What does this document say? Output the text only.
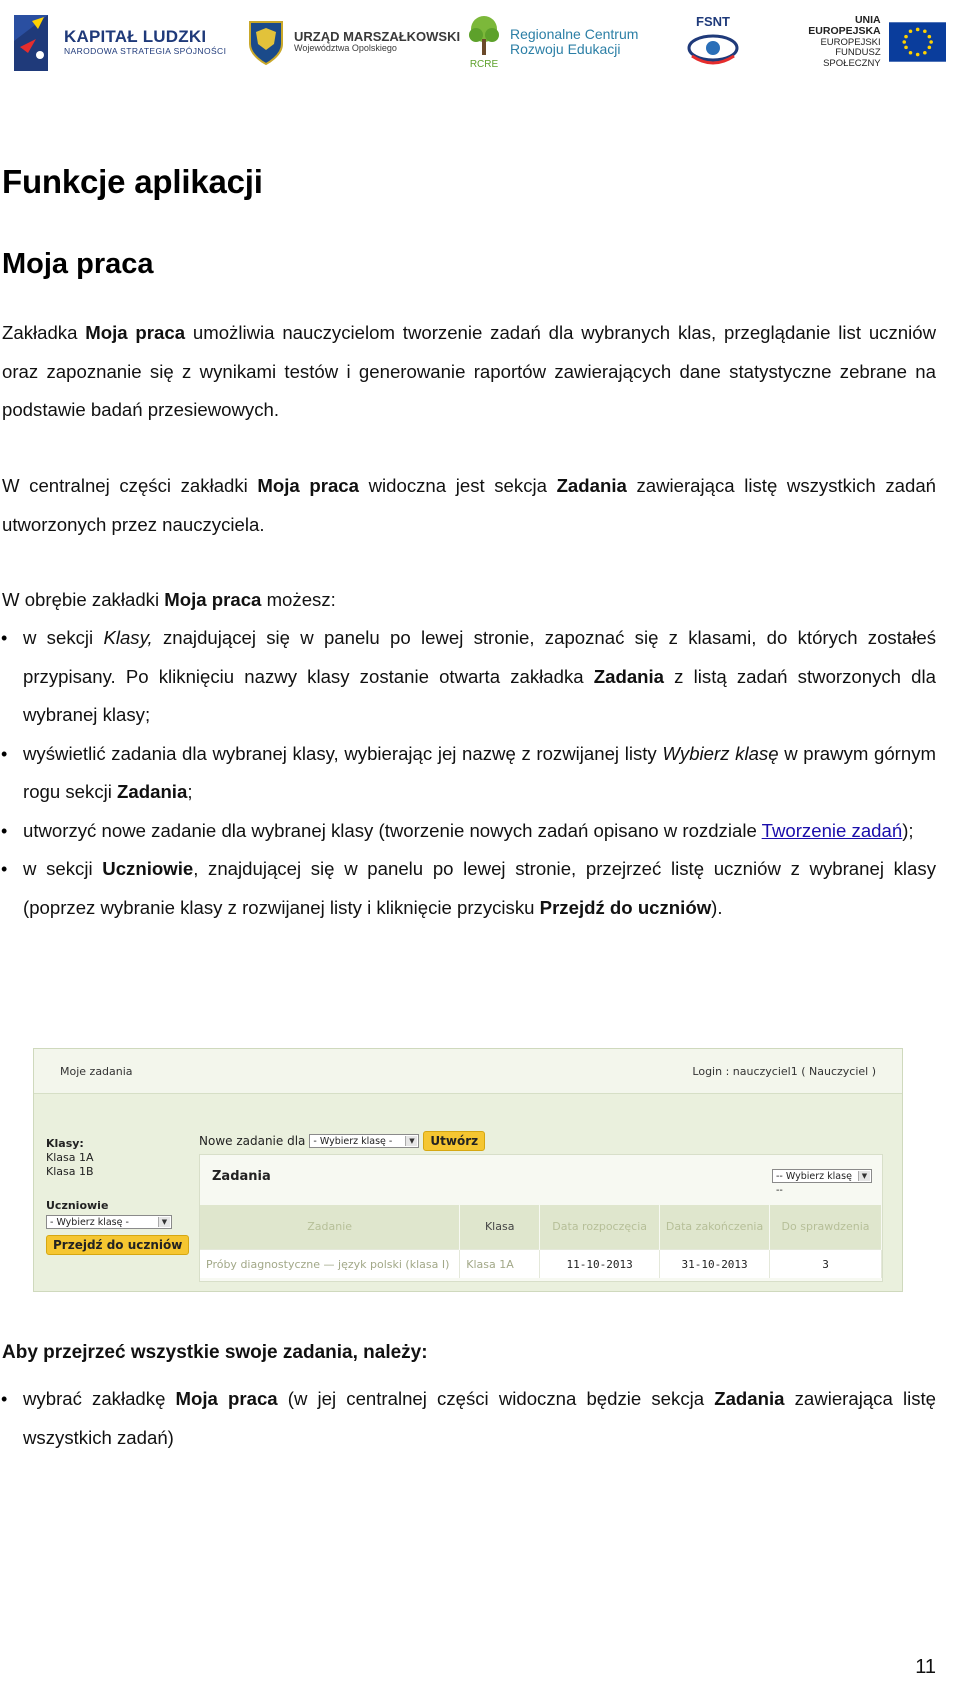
KAPITAŁ LUDZKI
NARODOWA STRATEGIA SPÓJNOŚCI
URZĄD MARSZAŁKOWSKI
Województwa Opolskiego
RCRE
Regionalne Centrum
Rozwoju Edukacji
FSNT	UNIA EUROPEJSKA
EUROPEJSKI
FUNDUSZ SPOŁECZNY
Funkcje aplikacji
Moja praca

Zakładka Moja praca umożliwia nauczycielom tworzenie zadań dla wybranych klas, przeglądanie list uczniów oraz zapoznanie się z wynikami testów i generowanie raportów zawierających dane statystyczne zebrane na podstawie badań przesiewowych.

W centralnej części zakładki Moja praca widoczna jest sekcja Zadania zawierająca listę wszystkich zadań utworzonych przez nauczyciela.

W obrębie zakładki Moja praca możesz:

• w sekcji Klasy, znajdującej się w panelu po lewej stronie, zapoznać się z klasami, do których zostałeś przypisany. Po kliknięciu nazwy klasy zostanie otwarta zakładka Zadania z listą zadań stworzonych dla wybranej klasy;
• wyświetlić zadania dla wybranej klasy, wybierając jej nazwę z rozwijanej listy Wybierz klasę w prawym górnym rogu sekcji Zadania;
• utworzyć nowe zadanie dla wybranej klasy (tworzenie nowych zadań opisano w rozdziale Tworzenie zadań);
• w sekcji Uczniowie, znajdującej się w panelu po lewej stronie, przejrzeć listę uczniów z wybranej klasy (poprzez wybranie klasy z rozwijanej listy i kliknięcie przycisku Przejdź do uczniów).
Moje zadania	Login : nauczyciel1 ( Nauczyciel )
Klasy:
Klasa 1A
Klasa 1B
Uczniowie
- Wybierz klasę -	▼

Przejdź do uczniów
Nowe zadanie dla - Wybierz klasę -	▼	Utwórz
Zadania	-- Wybierz klasę --
▼
Zadanie	Klasa	Data rozpoczęcia	Data zakończenia	Do sprawdzenia
Próby diagnostyczne — język polski (klasa I)	Klasa 1A	11-10-2013	31-10-2013	3

Aby przejrzeć wszystkie swoje zadania, należy:

• wybrać zakładkę Moja praca (w jej centralnej części widoczna będzie sekcja Zadania zawierająca listę wszystkich zadań)
11
